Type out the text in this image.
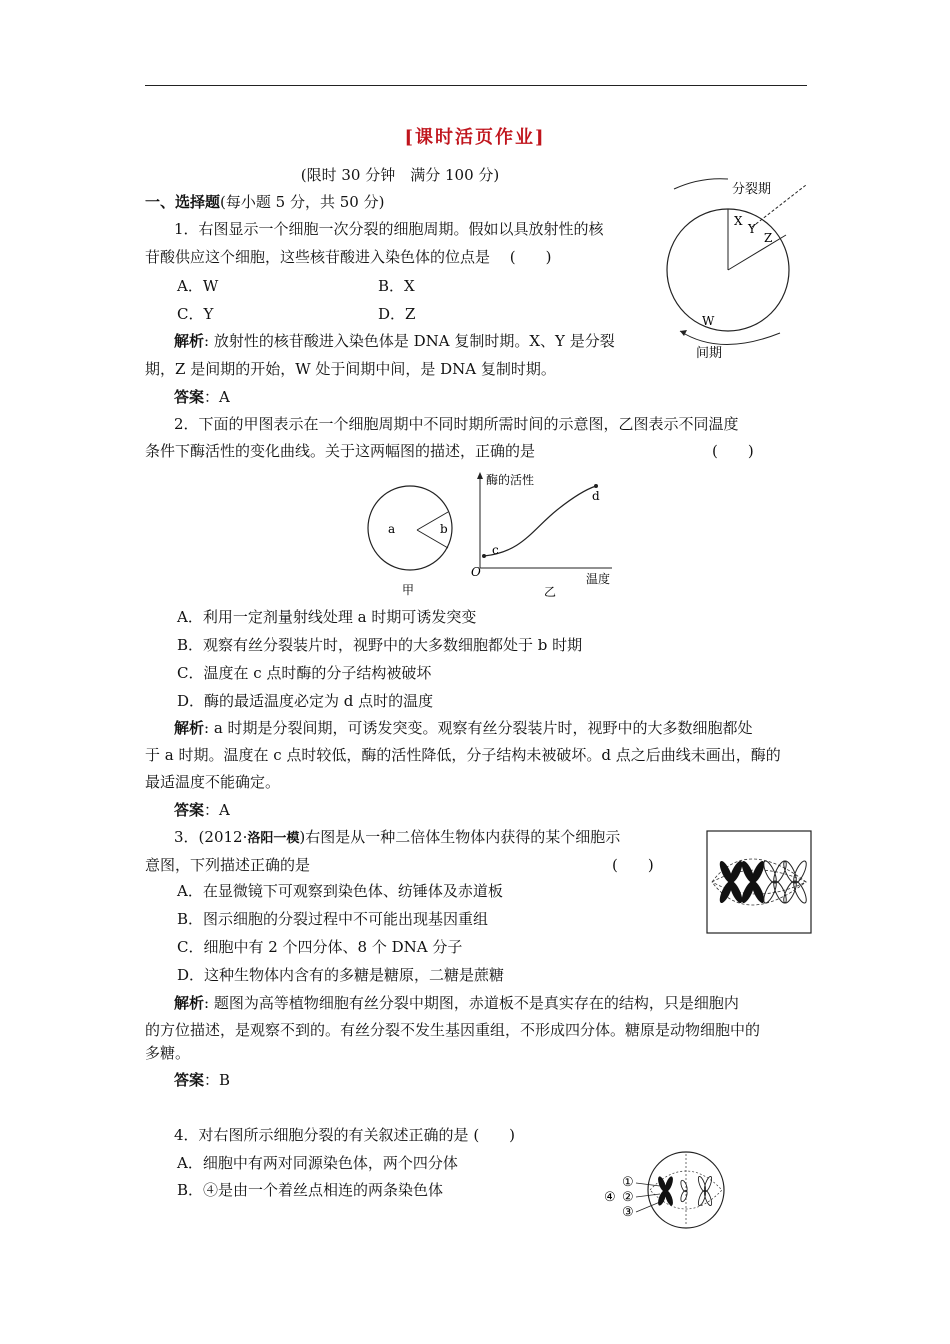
[课时活页作业]
(限时 30 分钟　满分 100 分)
一、选择题(每小题 5 分，共 50 分)
1．右图显示一个细胞一次分裂的细胞周期。假如以具放射性的核
苷酸供应这个细胞，这些核苷酸进入染色体的位点是　 (　　)
A．W	B．X
C．Y	D．Z
解析: 放射性的核苷酸进入染色体是 DNA 复制时期。X、Y 是分裂
期，Z 是间期的开始，W 处于间期中间，是 DNA 复制时期。
答案：A
分裂期
X
Y
Z
W
间期
2．下面的甲图表示在一个细胞周期中不同时期所需时间的示意图，乙图表示不同温度
条件下酶活性的变化曲线。关于这两幅图的描述，正确的是	(　　)
a	b
甲
酶的活性
温度
O
c
d
乙
A．利用一定剂量射线处理 a 时期可诱发突变
B．观察有丝分裂装片时，视野中的大多数细胞都处于 b 时期
C．温度在 c 点时酶的分子结构被破坏
D．酶的最适温度必定为 d 点时的温度
解析: a 时期是分裂间期，可诱发突变。观察有丝分裂装片时，视野中的大多数细胞都处
于 a 时期。温度在 c 点时较低，酶的活性降低，分子结构未被破坏。d 点之后曲线未画出，酶的
最适温度不能确定。
答案：A
3．(2012·洛阳一模)右图是从一种二倍体生物体内获得的某个细胞示
意图，下列描述正确的是	(　　)
A．在显微镜下可观察到染色体、纺锤体及赤道板
B．图示细胞的分裂过程中不可能出现基因重组
C．细胞中有 2 个四分体、8 个 DNA 分子
D．这种生物体内含有的多糖是糖原，二糖是蔗糖
解析: 题图为高等植物细胞有丝分裂中期图，赤道板不是真实存在的结构，只是细胞内
的方位描述，是观察不到的。有丝分裂不发生基因重组，不形成四分体。糖原是动物细胞中的
多糖。
答案：B
4．对右图所示细胞分裂的有关叙述正确的是 (　　)
A．细胞中有两对同源染色体，两个四分体
B．④是由一个着丝点相连的两条染色体	①
②
③
④
